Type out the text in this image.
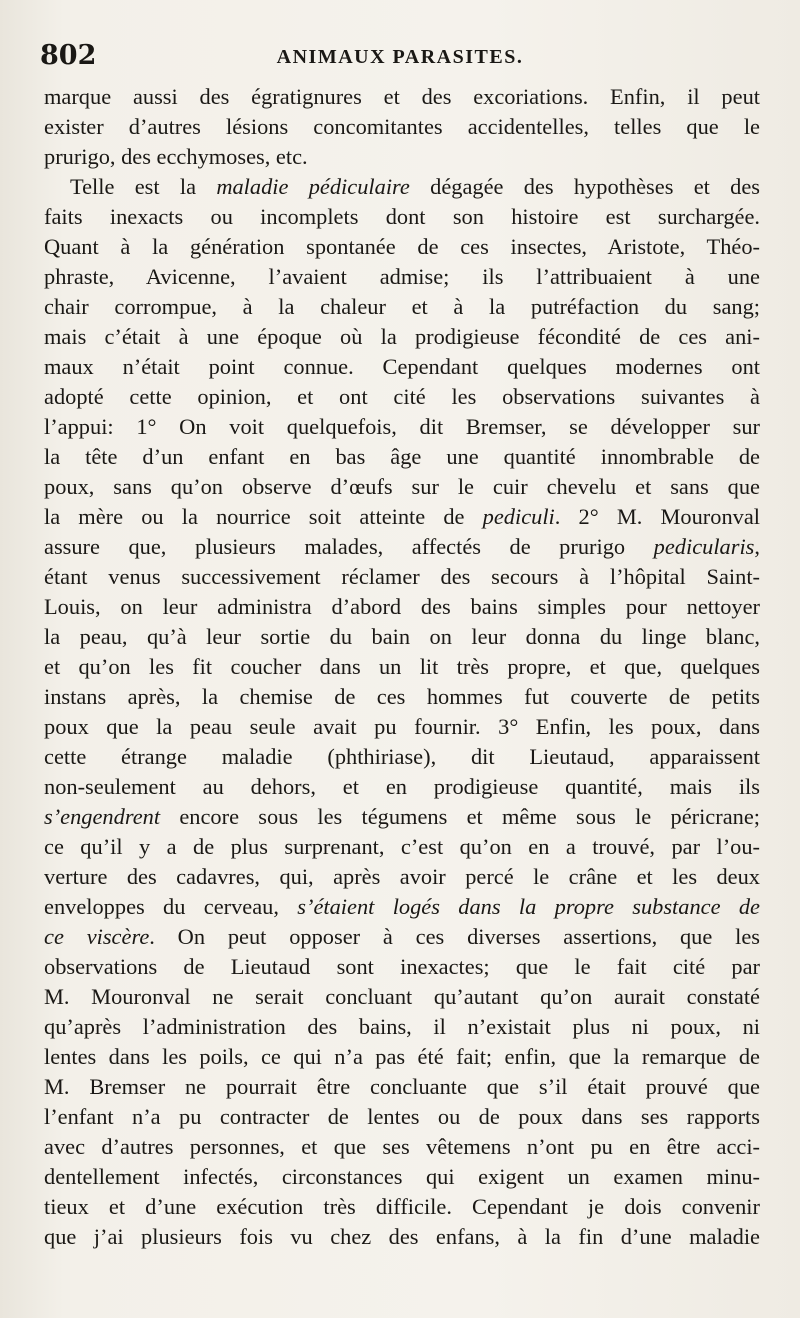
802	ANIMAUX PARASITES.
marque aussi des égratignures et des excoriations. Enfin, il peut
exister d’autres lésions concomitantes accidentelles, telles que le
prurigo, des ecchymoses, etc.
Telle est la maladie pédiculaire dégagée des hypothèses et des
faits inexacts ou incomplets dont son histoire est surchargée.
Quant à la génération spontanée de ces insectes, Aristote, Théo-
phraste, Avicenne, l’avaient admise; ils l’attribuaient à une
chair corrompue, à la chaleur et à la putréfaction du sang;
mais c’était à une époque où la prodigieuse fécondité de ces ani-
maux n’était point connue. Cependant quelques modernes ont
adopté cette opinion, et ont cité les observations suivantes à
l’appui: 1° On voit quelquefois, dit Bremser, se développer sur
la tête d’un enfant en bas âge une quantité innombrable de
poux, sans qu’on observe d’œufs sur le cuir chevelu et sans que
la mère ou la nourrice soit atteinte de pediculi. 2° M. Mouronval
assure que, plusieurs malades, affectés de prurigo pedicularis,
étant venus successivement réclamer des secours à l’hôpital Saint-
Louis, on leur administra d’abord des bains simples pour nettoyer
la peau, qu’à leur sortie du bain on leur donna du linge blanc,
et qu’on les fit coucher dans un lit très propre, et que, quelques
instans après, la chemise de ces hommes fut couverte de petits
poux que la peau seule avait pu fournir. 3° Enfin, les poux, dans
cette étrange maladie (phthiriase), dit Lieutaud, apparaissent
non-seulement au dehors, et en prodigieuse quantité, mais ils
s’engendrent encore sous les tégumens et même sous le péricrane;
ce qu’il y a de plus surprenant, c’est qu’on en a trouvé, par l’ou-
verture des cadavres, qui, après avoir percé le crâne et les deux
enveloppes du cerveau, s’étaient logés dans la propre substance de
ce viscère. On peut opposer à ces diverses assertions, que les
observations de Lieutaud sont inexactes; que le fait cité par
M. Mouronval ne serait concluant qu’autant qu’on aurait constaté
qu’après l’administration des bains, il n’existait plus ni poux, ni
lentes dans les poils, ce qui n’a pas été fait; enfin, que la remarque de
M. Bremser ne pourrait être concluante que s’il était prouvé que
l’enfant n’a pu contracter de lentes ou de poux dans ses rapports
avec d’autres personnes, et que ses vêtemens n’ont pu en être acci-
dentellement infectés, circonstances qui exigent un examen minu-
tieux et d’une exécution très difficile. Cependant je dois convenir
que j’ai plusieurs fois vu chez des enfans, à la fin d’une maladie
